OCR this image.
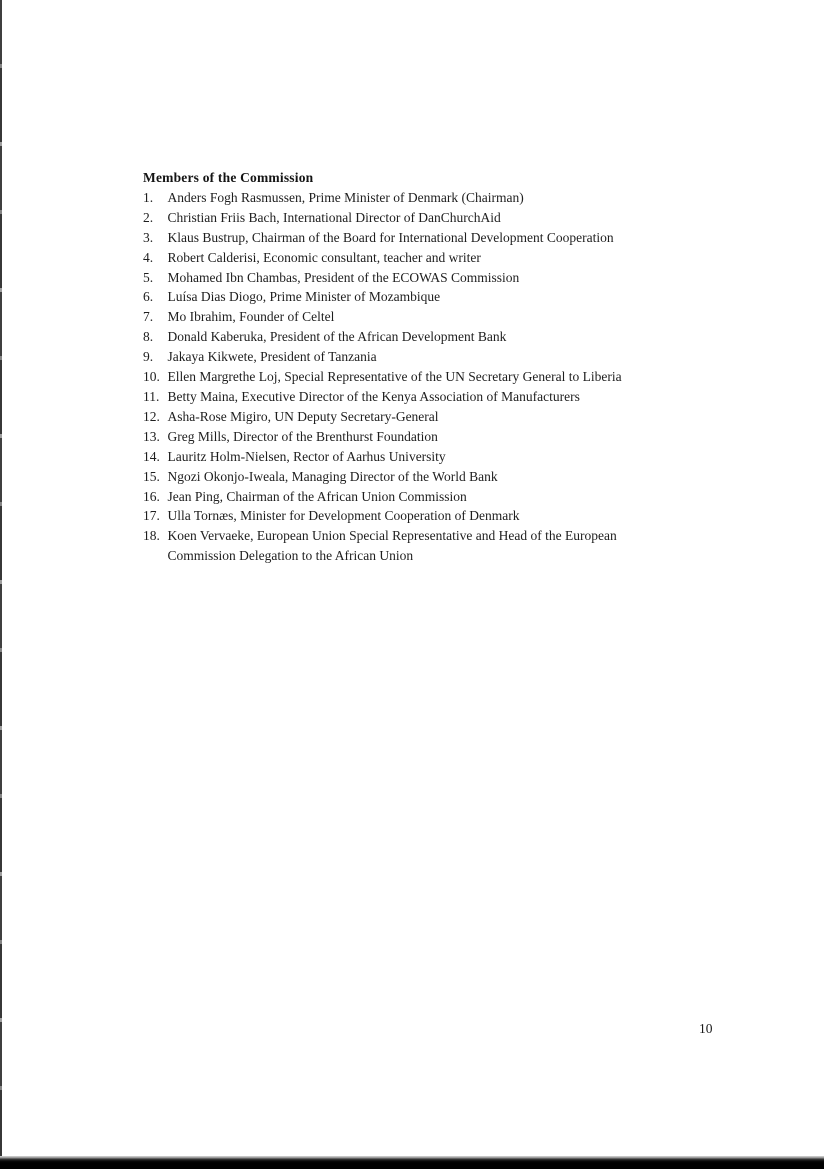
Members of the Commission
1.	Anders Fogh Rasmussen, Prime Minister of Denmark (Chairman)
2.	Christian Friis Bach, International Director of DanChurchAid
3.	Klaus Bustrup, Chairman of the Board for International Development Cooperation
4.	Robert Calderisi, Economic consultant, teacher and writer
5.	Mohamed Ibn Chambas, President of the ECOWAS Commission
6.	Luísa Dias Diogo, Prime Minister of Mozambique
7.	Mo Ibrahim, Founder of Celtel
8.	Donald Kaberuka, President of the African Development Bank
9.	Jakaya Kikwete, President of Tanzania
10. Ellen Margrethe Loj, Special Representative of the UN Secretary General to Liberia
11. Betty Maina, Executive Director of the Kenya Association of Manufacturers
12. Asha-Rose Migiro, UN Deputy Secretary-General
13. Greg Mills, Director of the Brenthurst Foundation
14. Lauritz Holm-Nielsen, Rector of Aarhus University
15. Ngozi Okonjo-Iweala, Managing Director of the World Bank
16. Jean Ping, Chairman of the African Union Commission
17. Ulla Tornæs, Minister for Development Cooperation of Denmark
18. Koen Vervaeke, European Union Special Representative and Head of the European Commission Delegation to the African Union
10
